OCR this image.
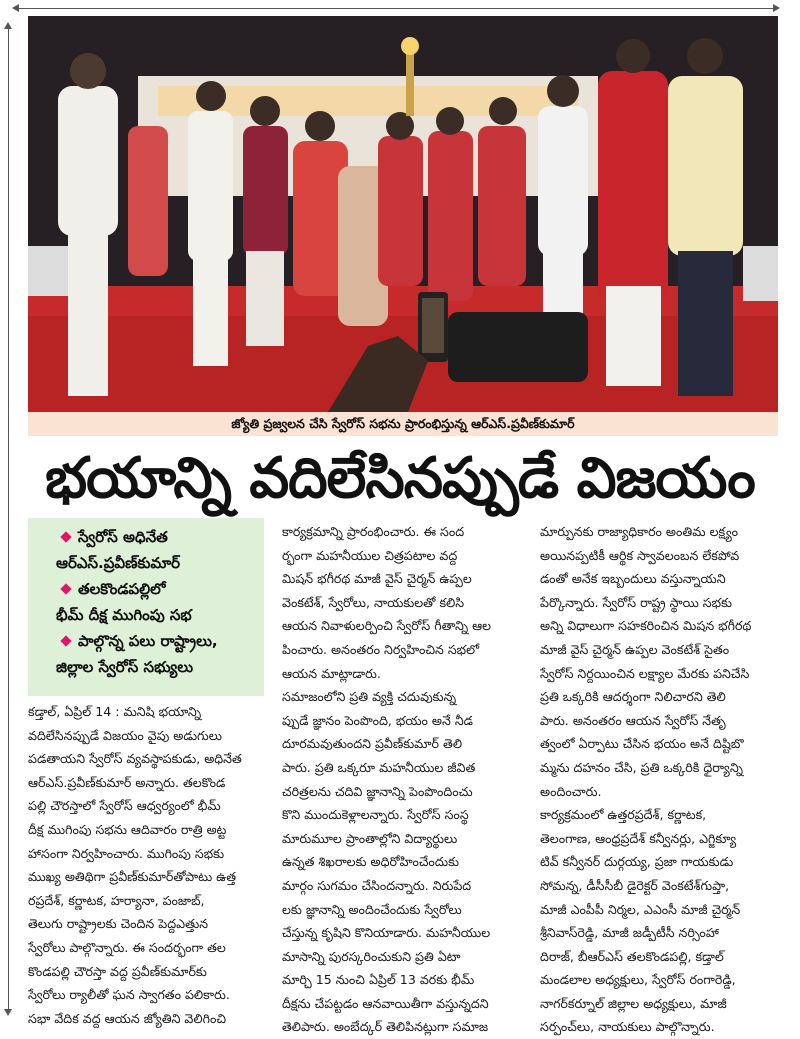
జ్యోతి ప్రజ్వలన చేసి స్వేరోస్ సభను ప్రారంభిస్తున్న ఆర్ఎస్.ప్రవీణ్‌కుమార్
భయాన్ని వదిలేసినప్పుడే విజయం
స్వేరోస్ అధినేత
ఆర్ఎస్.ప్రవీణ్‌కుమార్
తలకొండపల్లిలో
భీమ్ దీక్ష ముగింపు సభ
పాల్గొన్న పలు రాష్ట్రాలు,
జిల్లాల స్వేరోస్ సభ్యులు
కడ్తాల్, ఏప్రిల్ 14 : మనిషి భయాన్ని
వదిలేసినప్పుడే విజయం వైపు అడుగులు
పడతాయని స్వేరోస్ వ్యవస్థాపకుడు, అధినేత
ఆర్ఎస్.ప్రవీణ్‌కుమార్ అన్నారు. తలకొండ
పల్లి చౌరస్తాలో స్వేరోస్ ఆధ్వర్యంలో భీమ్
దీక్ష ముగింపు సభను ఆదివారం రాత్రి అట్ట
హాసంగా నిర్వహించారు. ముగింపు సభకు
ముఖ్య అతిథిగా ప్రవీణ్‌కుమార్‌తోపాటు ఉత్త
రప్రదేశ్, కర్ణాటక, హర్యానా, పంజాబ్,
తెలుగు రాష్ట్రాలకు చెందిన పెద్దఎత్తున
స్వేరోలు పాల్గొన్నారు. ఈ సందర్భంగా తల
కొండపల్లి చౌరస్తా వద్ద ప్రవీణ్‌కుమార్‌కు
స్వేరోలు ర్యాలీతో ఘన స్వాగతం పలికారు.
సభా వేదిక వద్ద ఆయన జ్యోతిని వెలిగించి
కార్యక్రమాన్ని ప్రారంభించారు. ఈ సంద
ర్భంగా మహనీయుల చిత్రపటాల వద్ద
మిషన్ భగీరథ మాజీ వైస్ చైర్మన్ ఉప్పల
వెంకటేశ్, స్వేరోలు, నాయకులతో కలిసి
ఆయన నివాళులర్పించి స్వేరోస్ గీతాన్ని ఆల
పించారు. అనంతరం నిర్వహించిన సభలో
ఆయన మాట్లాడారు.
సమాజంలోని ప్రతి వ్యక్తి చదువుకున్న
ప్పుడే జ్ఞానం పెంపొంది, భయం అనే నీడ
దూరమవుతుందని ప్రవీణ్‌కుమార్ తెలి
పారు. ప్రతి ఒక్కరూ మహనీయుల జీవిత
చరిత్రలను చదివి జ్ఞానాన్ని పెంపొందించు
కొని ముందుకెళ్లాలన్నారు. స్వేరోస్ సంస్థ
మారుమూల ప్రాంతాల్లోని విద్యార్థులు
ఉన్నత శిఖరాలకు అధిరోహించేందుకు
మార్గం సుగమం చేసిందన్నారు. నిరుపేద
లకు జ్ఞానాన్ని అందించేందుకు స్వేరోలు
చేస్తున్న కృషిని కొనియాడారు. మహనీయుల
మాసాన్ని పురస్కరించుకుని ప్రతి ఏటా
మార్చి 15 నుంచి ఏప్రిల్ 13 వరకు భీమ్
దీక్షను చేపట్టడం ఆనవాయితీగా వస్తున్నదని
తెలిపారు. అంబేద్కర్ తెలిపినట్లుగా సమాజ
మార్పునకు రాజ్యాధికారం అంతిమ లక్ష్యం
అయినప్పటికీ ఆర్థిక స్వావలంబన లేకపోవ
డంతో అనేక ఇబ్బందులు వస్తున్నాయని
పేర్కొన్నారు. స్వేరోస్ రాష్ట్ర స్థాయి సభకు
అన్ని విధాలుగా సహకరించిన మిషన భగీరథ
మాజీ వైస్ చైర్మన్ ఉప్పల వెంకటేశ్ సైతం
స్వేరోస్ నిర్దయించిన లక్ష్యాల మేరకు పనిచేసి
ప్రతి ఒక్కరికి ఆదర్శంగా నిలిచారని తెలి
పారు. అనంతరం ఆయన స్వేరోస్ నేతృ
త్వంలో ఏర్పాటు చేసిన భయం అనే దిష్టిబొ
మ్మను దహనం చేసి, ప్రతి ఒక్కరికి ధైర్యాన్ని
అందించారు.
కార్యక్రమంలో ఉత్తరప్రదేశ్, కర్ణాటక,
తెలంగాణ, ఆంధ్రప్రదేశ్ కన్వీనర్లు, ఎగ్జిక్యూ
టివ్ కన్వీనర్ దుర్గయ్య, ప్రజా గాయకుడు
సోమన్న, డీసీసీబీ డైరెక్టర్ వెంకటేశ్‌గుప్తా,
మాజీ ఎంపీపీ నిర్మల, ఎఎంసీ మాజీ చైర్మన్
శ్రీనివాస్‌రెడ్డి, మాజీ జడ్పీటీసీ నర్సింహా
దిరాజ్, బీఆర్ఎస్ తలకొండపల్లి, కడ్తాల్
మండలాల అధ్యక్షులు, స్వేరోస్ రంగారెడ్డి,
నాగర్‌కర్నూల్ జిల్లాల అధ్యక్షులు, మాజీ
సర్పంచ్‌లు, నాయకులు పాల్గొన్నారు.
